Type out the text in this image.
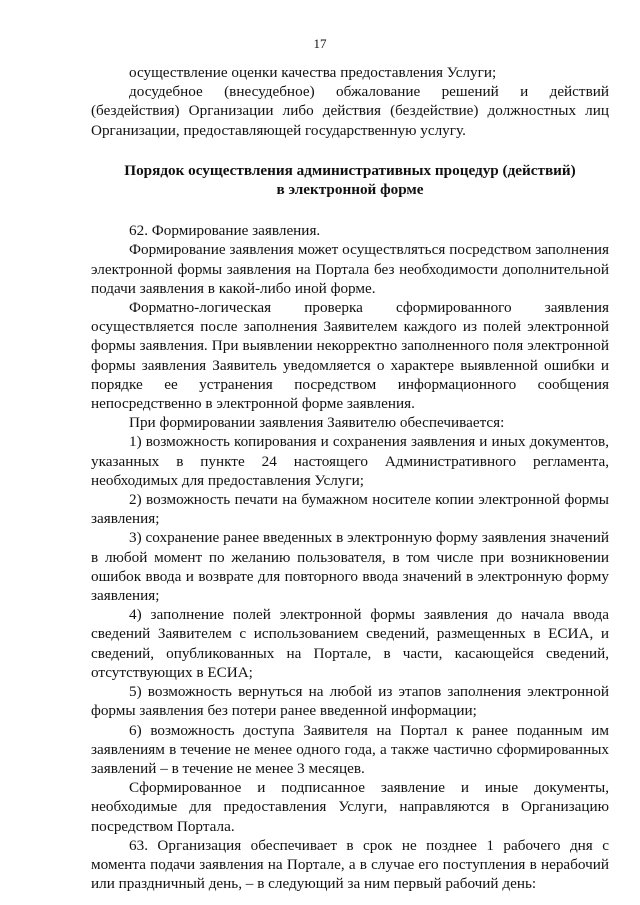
17

осуществление оценки качества предоставления Услуги;

досудебное (внесудебное) обжалование решений и действий (бездействия) Организации либо действия (бездействие) должностных лиц Организации, предоставляющей государственную услугу.

Порядок осуществления административных процедур (действий)
в электронной форме

62. Формирование заявления.

Формирование заявления может осуществляться посредством заполнения электронной формы заявления на Портала без необходимости дополнительной подачи заявления в какой-либо иной форме.

Форматно-логическая проверка сформированного заявления осуществляется после заполнения Заявителем каждого из полей электронной формы заявления. При выявлении некорректно заполненного поля электронной формы заявления Заявитель уведомляется о характере выявленной ошибки и порядке ее устранения посредством информационного сообщения непосредственно в электронной форме заявления.

При формировании заявления Заявителю обеспечивается:

1) возможность копирования и сохранения заявления и иных документов, указанных в пункте 24 настоящего Административного регламента, необходимых для предоставления Услуги;

2) возможность печати на бумажном носителе копии электронной формы заявления;

3) сохранение ранее введенных в электронную форму заявления значений в любой момент по желанию пользователя, в том числе при возникновении ошибок ввода и возврате для повторного ввода значений в электронную форму заявления;

4) заполнение полей электронной формы заявления до начала ввода сведений Заявителем с использованием сведений, размещенных в ЕСИА, и сведений, опубликованных на Портале, в части, касающейся сведений, отсутствующих в ЕСИА;

5) возможность вернуться на любой из этапов заполнения электронной формы заявления без потери ранее введенной информации;

6) возможность доступа Заявителя на Портал к ранее поданным им заявлениям в течение не менее одного года, а также частично сформированных заявлений – в течение не менее 3 месяцев.

Сформированное и подписанное заявление и иные документы, необходимые для предоставления Услуги, направляются в Организацию посредством Портала.

63. Организация обеспечивает в срок не позднее 1 рабочего дня с момента подачи заявления на Портале, а в случае его поступления в нерабочий или праздничный день, – в следующий за ним первый рабочий день:
